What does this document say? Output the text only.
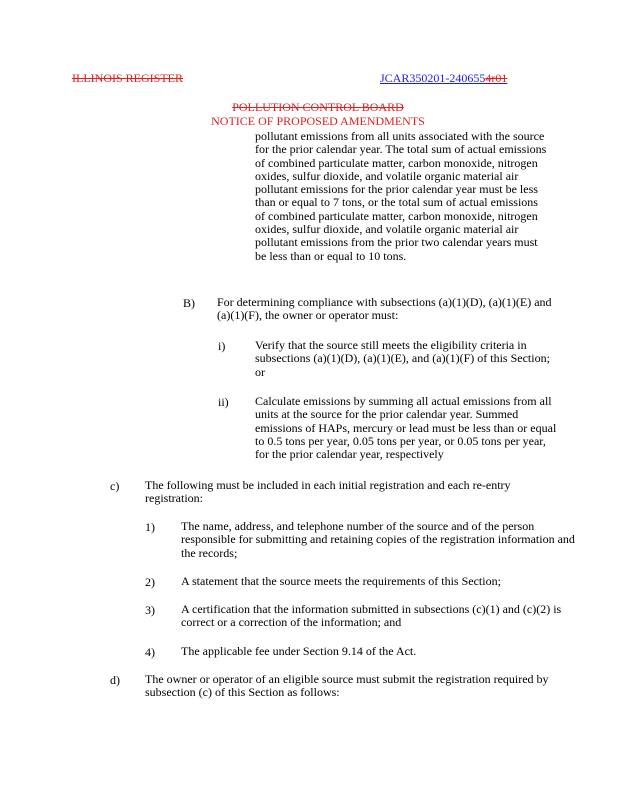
ILLINOIS REGISTER	JCAR350201-2406554r01
POLLUTION CONTROL BOARD
NOTICE OF PROPOSED AMENDMENTS

pollutant emissions from all units associated with the source for the prior calendar year. The total sum of actual emissions of combined particulate matter, carbon monoxide, nitrogen oxides, sulfur dioxide, and volatile organic material air pollutant emissions for the prior calendar year must be less than or equal to 7 tons, or the total sum of actual emissions of combined particulate matter, carbon monoxide, nitrogen oxides, sulfur dioxide, and volatile organic material air pollutant emissions from the prior two calendar years must be less than or equal to 10 tons.

B) For determining compliance with subsections (a)(1)(D), (a)(1)(E) and (a)(1)(F), the owner or operator must:

i) Verify that the source still meets the eligibility criteria in subsections (a)(1)(D), (a)(1)(E), and (a)(1)(F) of this Section; or

ii) Calculate emissions by summing all actual emissions from all units at the source for the prior calendar year. Summed emissions of HAPs, mercury or lead must be less than or equal to 0.5 tons per year, 0.05 tons per year, or 0.05 tons per year, for the prior calendar year, respectively

c) The following must be included in each initial registration and each re-entry registration:

1) The name, address, and telephone number of the source and of the person responsible for submitting and retaining copies of the registration information and the records;

2) A statement that the source meets the requirements of this Section;

3) A certification that the information submitted in subsections (c)(1) and (c)(2) is correct or a correction of the information; and

4) The applicable fee under Section 9.14 of the Act.

d) The owner or operator of an eligible source must submit the registration required by subsection (c) of this Section as follows:
